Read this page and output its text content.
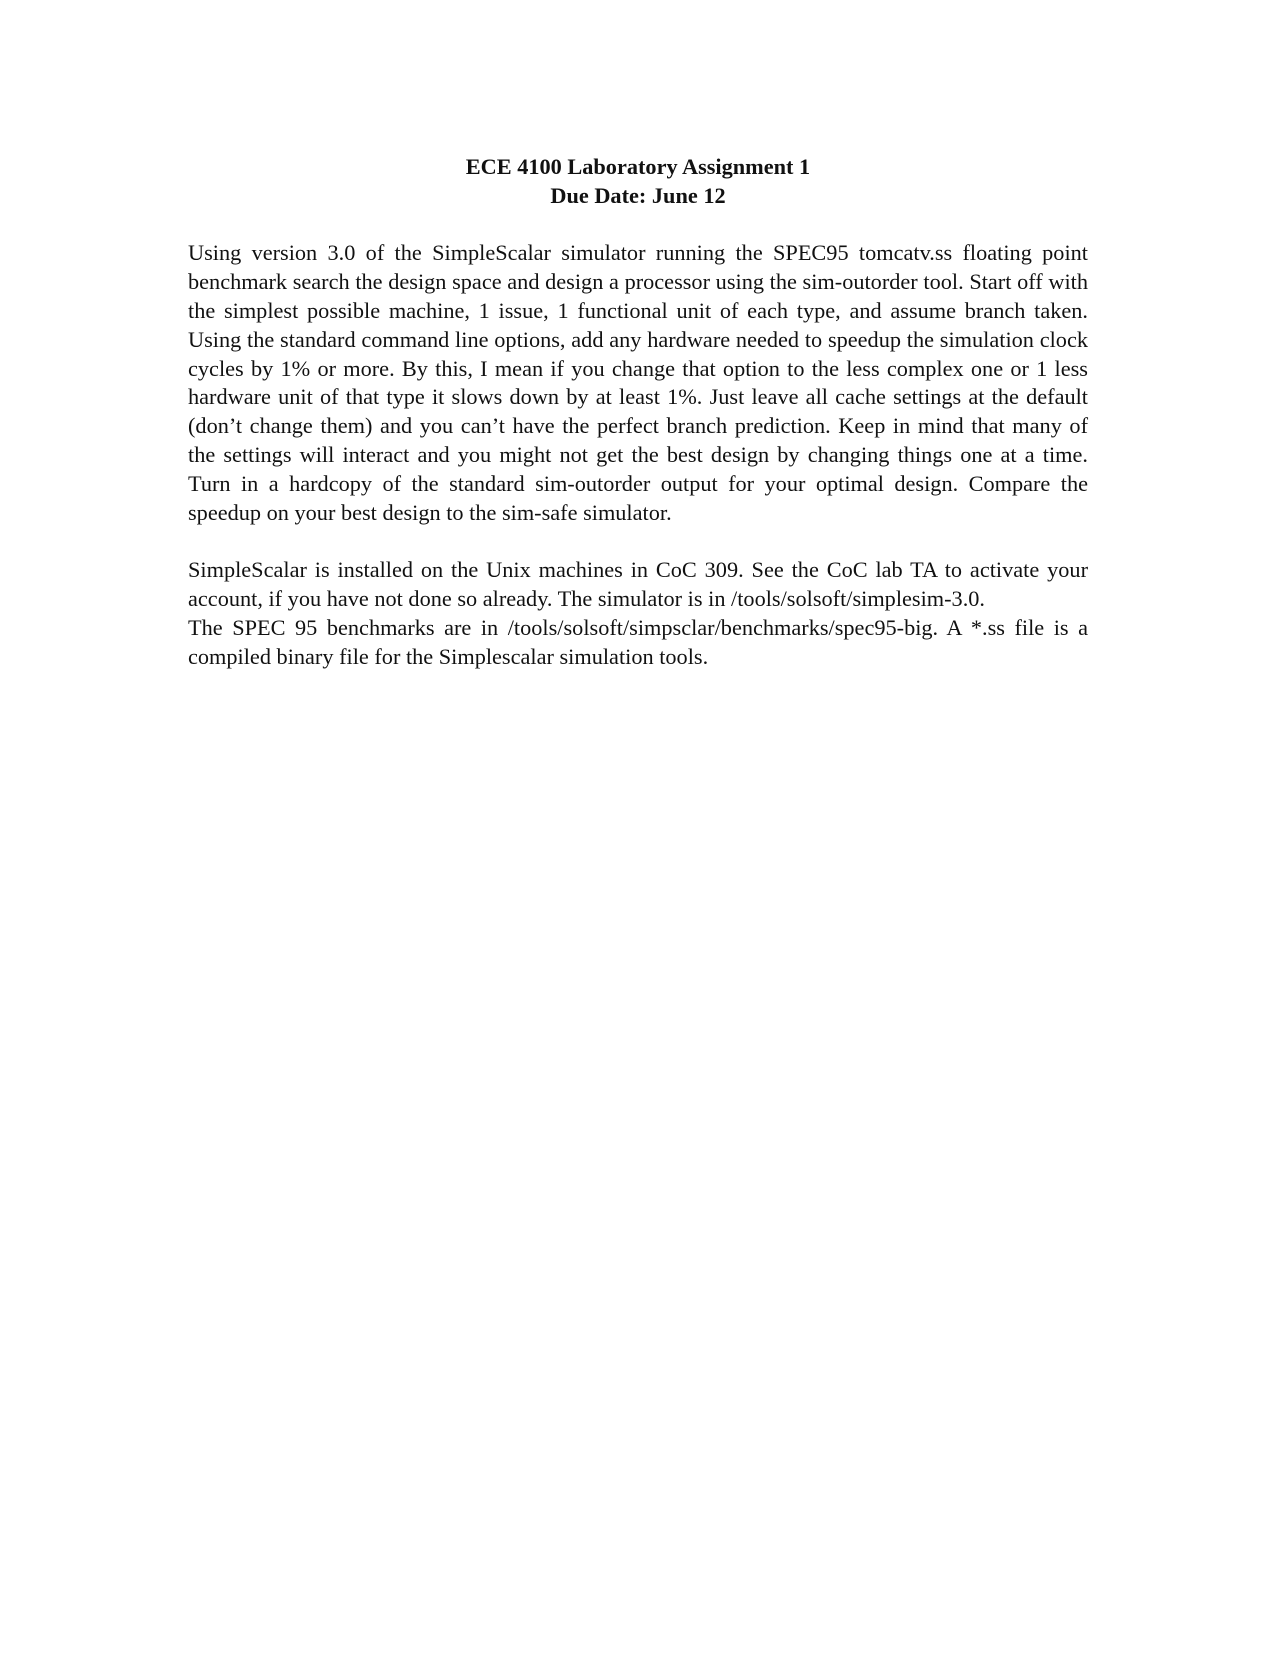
ECE 4100 Laboratory Assignment 1
Due Date: June 12

Using version 3.0 of the SimpleScalar simulator running the SPEC95 tomcatv.ss floating point benchmark search the design space and design a processor using the sim-outorder tool. Start off with the simplest possible machine, 1 issue, 1 functional unit of each type, and assume branch taken. Using the standard command line options, add any hardware needed to speedup the simulation clock cycles by 1% or more. By this, I mean if you change that option to the less complex one or 1 less hardware unit of that type it slows down by at least 1%. Just leave all cache settings at the default (don’t change them) and you can’t have the perfect branch prediction. Keep in mind that many of the settings will interact and you might not get the best design by changing things one at a time. Turn in a hardcopy of the standard sim-outorder output for your optimal design. Compare the speedup on your best design to the sim-safe simulator.

SimpleScalar is installed on the Unix machines in CoC 309. See the CoC lab TA to activate your account, if you have not done so already. The simulator is in /tools/solsoft/simplesim-3.0.

The SPEC 95 benchmarks are in /tools/solsoft/simpsclar/benchmarks/spec95-big. A *.ss file is a compiled binary file for the Simplescalar simulation tools.
